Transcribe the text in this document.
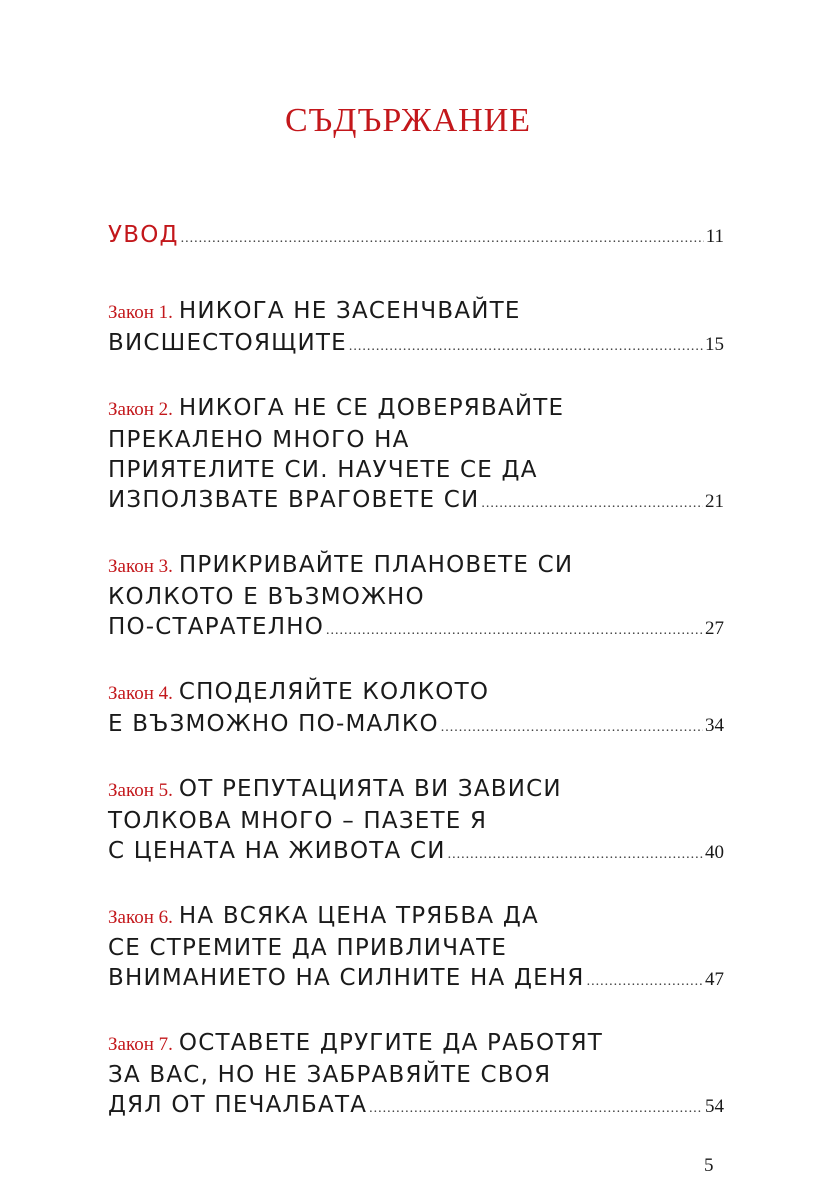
СЪДЪРЖАНИЕ
УВОД .....	11
Закон 1. НИКОГА НЕ ЗАСЕНЧВАЙТЕ
ВИСШЕСТОЯЩИТЕ .....	15
Закон 2. НИКОГА НЕ СЕ ДОВЕРЯВАЙТЕ
ПРЕКАЛЕНО МНОГО НА
ПРИЯТЕЛИТЕ СИ. НАУЧЕТЕ СЕ ДА
ИЗПОЛЗВАТЕ ВРАГОВЕТЕ СИ .....	21
Закон 3. ПРИКРИВАЙТЕ ПЛАНОВЕТЕ СИ
КОЛКОТО Е ВЪЗМОЖНО
ПО-СТАРАТЕЛНО .....	27
Закон 4. СПОДЕЛЯЙТЕ КОЛКОТО
Е ВЪЗМОЖНО ПО-МАЛКО .....	34
Закон 5. ОТ РЕПУТАЦИЯТА ВИ ЗАВИСИ
ТОЛКОВА МНОГО – ПАЗЕТЕ Я
С ЦЕНАТА НА ЖИВОТА СИ .....	40
Закон 6. НА ВСЯКА ЦЕНА ТРЯБВА ДА
СЕ СТРЕМИТЕ ДА ПРИВЛИЧАТЕ
ВНИМАНИЕТО НА СИЛНИТЕ НА ДЕНЯ .....	47
Закон 7. ОСТАВЕТЕ ДРУГИТЕ ДА РАБОТЯТ
ЗА ВАС, НО НЕ ЗАБРАВЯЙТЕ СВОЯ
ДЯЛ ОТ ПЕЧАЛБАТА .....	54
5
